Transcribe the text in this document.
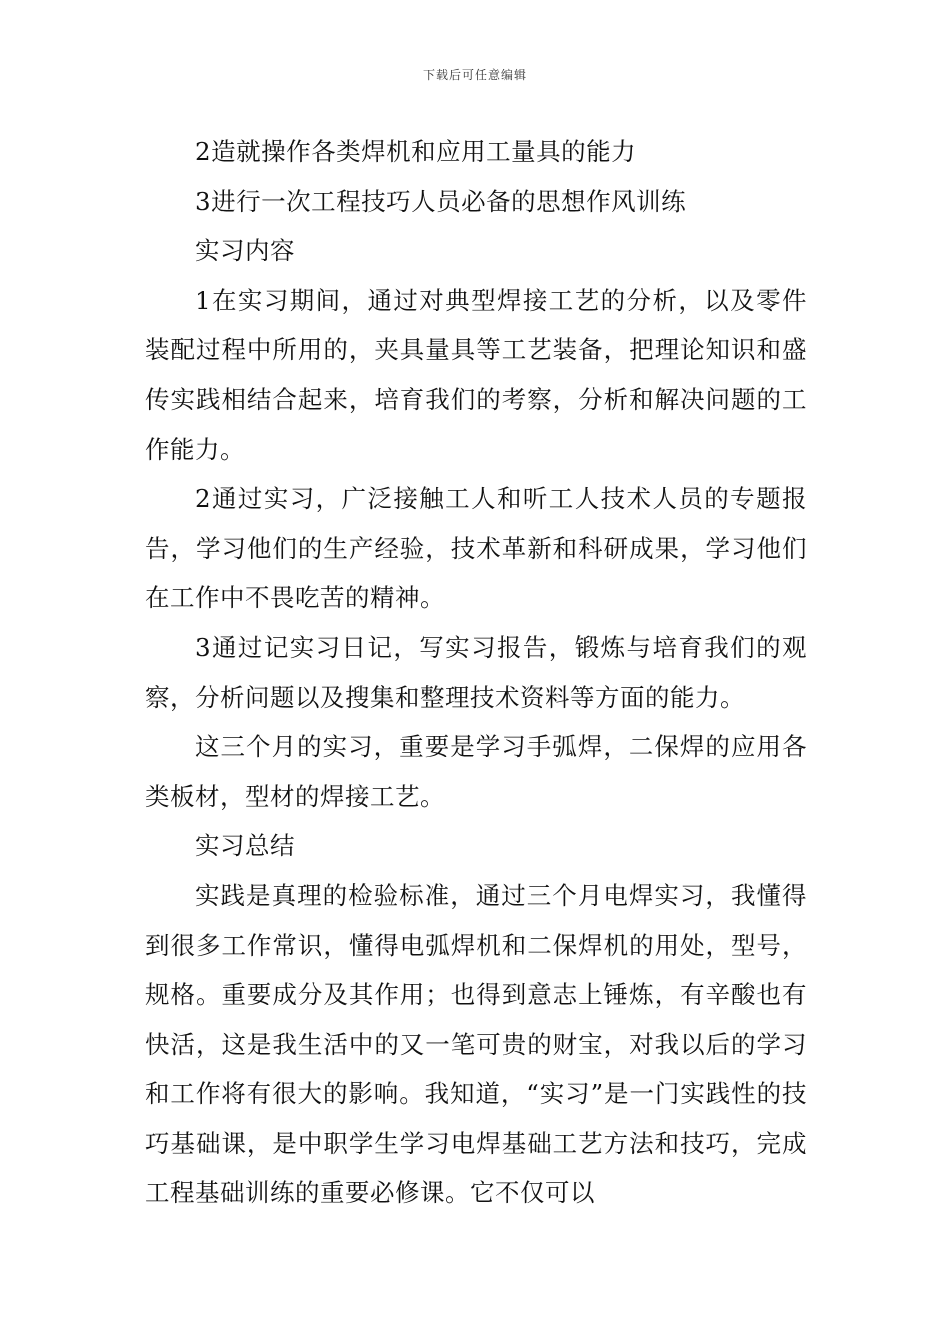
下载后可任意编辑

2造就操作各类焊机和应用工量具的能力

3进行一次工程技巧人员必备的思想作风训练

实习内容

1在实习期间，通过对典型焊接工艺的分析，以及零件装配过程中所用的，夹具量具等工艺装备，把理论知识和盛传实践相结合起来，培育我们的考察，分析和解决问题的工作能力。

2通过实习，广泛接触工人和听工人技术人员的专题报告，学习他们的生产经验，技术革新和科研成果，学习他们在工作中不畏吃苦的精神。

3通过记实习日记，写实习报告，锻炼与培育我们的观察，分析问题以及搜集和整理技术资料等方面的能力。

这三个月的实习，重要是学习手弧焊，二保焊的应用各类板材，型材的焊接工艺。

实习总结

实践是真理的检验标准，通过三个月电焊实习，我懂得到很多工作常识，懂得电弧焊机和二保焊机的用处，型号，规格。重要成分及其作用；也得到意志上锤炼，有辛酸也有快活，这是我生活中的又一笔可贵的财宝，对我以后的学习和工作将有很大的影响。我知道，“实习”是一门实践性的技巧基础课，是中职学生学习电焊基础工艺方法和技巧，完成工程基础训练的重要必修课。它不仅可以
